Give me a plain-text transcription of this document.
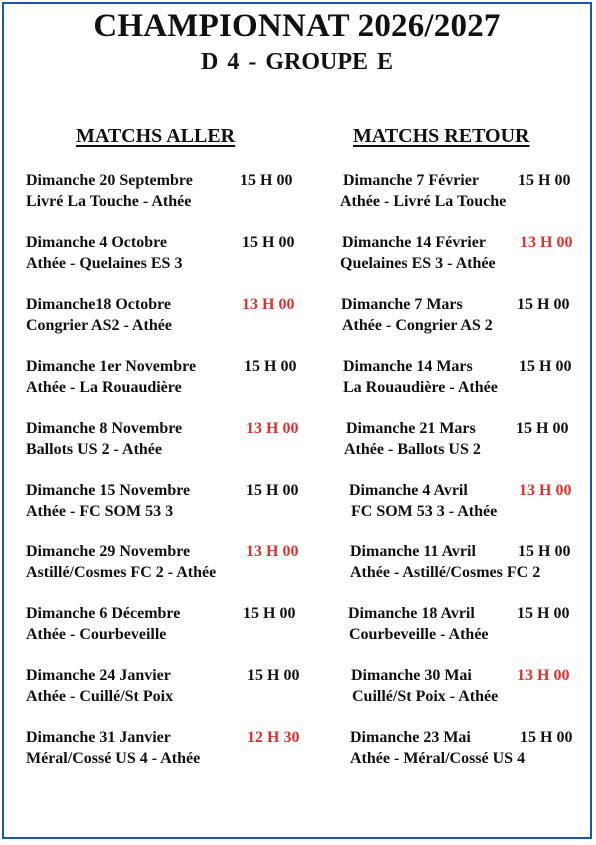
CHAMPIONNAT 2026/2027
D 4 - GROUPE E
MATCHS ALLER	MATCHS RETOUR
Dimanche 20 Septembre	15 H 00
Livré La Touche - Athée
Dimanche 4 Octobre	15 H 00
Athée - Quelaines ES 3
Dimanche18 Octobre	13 H 00
Congrier AS2 - Athée
Dimanche 1er Novembre	15 H 00
Athée - La Rouaudière
Dimanche 8 Novembre	13 H 00
Ballots US 2 - Athée
Dimanche 15 Novembre	15 H 00
Athée - FC SOM 53 3
Dimanche 29 Novembre	13 H 00
Astillé/Cosmes FC 2 - Athée
Dimanche 6 Décembre	15 H 00
Athée - Courbeveille
Dimanche 24 Janvier	15 H 00
Athée - Cuillé/St Poix
Dimanche 31 Janvier	12 H 30
Méral/Cossé US 4 - Athée
Dimanche 7 Février 15 H 00
Athée - Livré La Touche
Dimanche 14 Février 13 H 00
Quelaines ES 3 - Athée
Dimanche 7 Mars	15 H 00
Athée - Congrier AS 2
Dimanche 14 Mars	15 H 00
La Rouaudière - Athée
Dimanche 21 Mars	15 H 00
Athée - Ballots US 2
Dimanche 4 Avril	13 H 00
FC SOM 53 3 - Athée
Dimanche 11 Avril	15 H 00
Athée - Astillé/Cosmes FC 2
Dimanche 18 Avril	15 H 00
Courbeveille - Athée
Dimanche 30 Mai	13 H 00
Cuillé/St Poix - Athée
Dimanche 23 Mai	15 H 00
Athée - Méral/Cossé US 4
